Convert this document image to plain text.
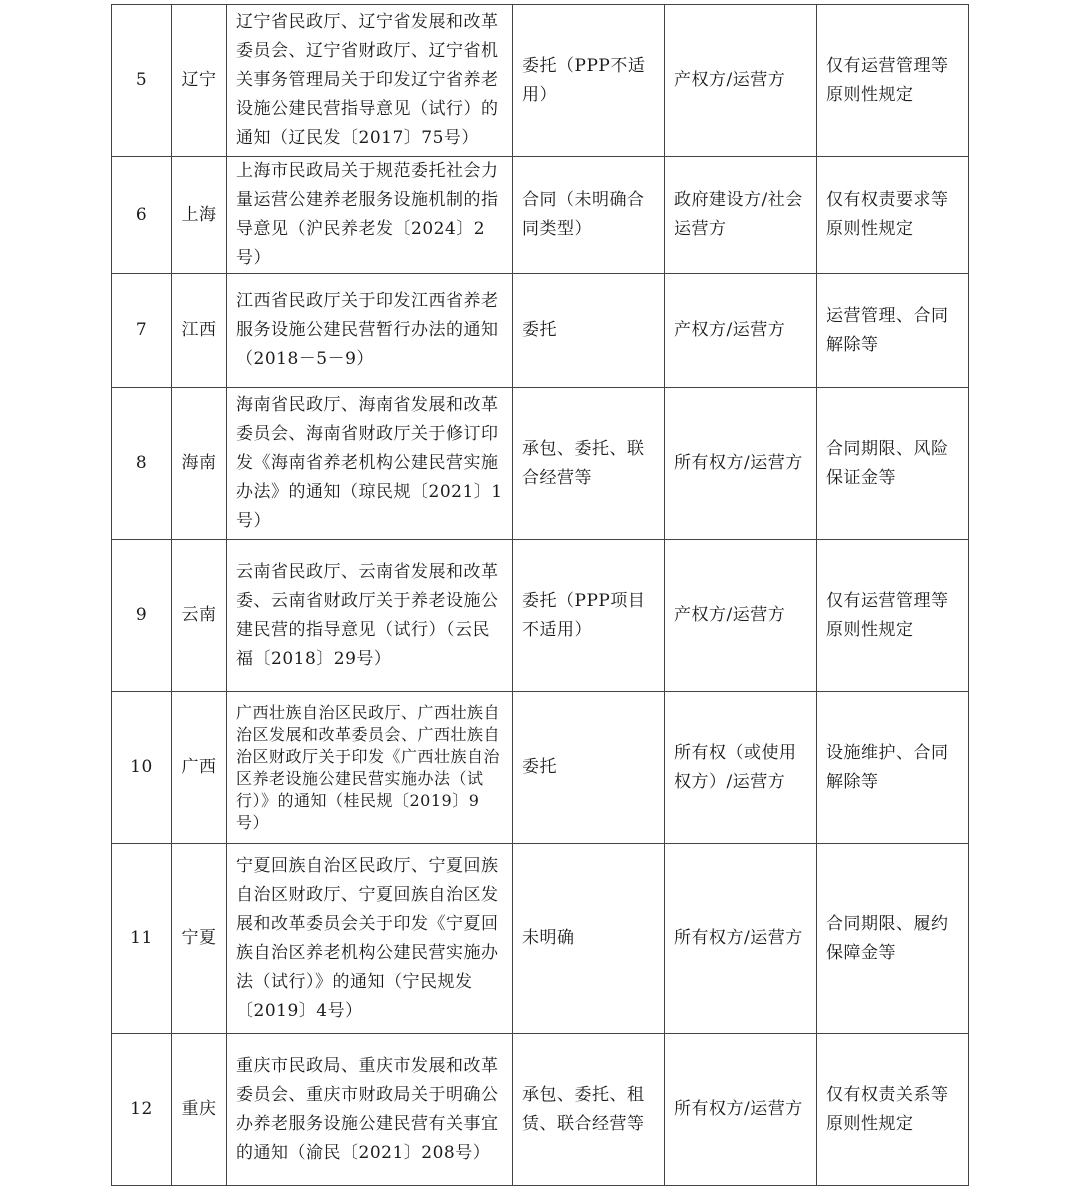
5	辽宁	辽宁省民政厅、辽宁省发展和改革委员会、辽宁省财政厅、辽宁省机关事务管理局关于印发辽宁省养老设施公建民营指导意见（试行）的通知（辽民发〔2017〕75号）	委托（PPP不适用）	产权方/运营方	仅有运营管理等原则性规定
6	上海	上海市民政局关于规范委托社会力量运营公建养老服务设施机制的指导意见（沪民养老发〔2024〕2号）	合同（未明确合同类型）	政府建设方/社会运营方	仅有权责要求等原则性规定
7	江西	江西省民政厅关于印发江西省养老服务设施公建民营暂行办法的通知（2018－5－9）	委托	产权方/运营方	运营管理、合同解除等
8	海南	海南省民政厅、海南省发展和改革委员会、海南省财政厅关于修订印发《海南省养老机构公建民营实施办法》的通知（琼民规〔2021〕1号）	承包、委托、联合经营等	所有权方/运营方	合同期限、风险保证金等
9	云南	云南省民政厅、云南省发展和改革委、云南省财政厅关于养老设施公建民营的指导意见（试行）（云民福〔2018〕29号）	委托（PPP项目不适用）	产权方/运营方	仅有运营管理等原则性规定
10	广西	广西壮族自治区民政厅、广西壮族自治区发展和改革委员会、广西壮族自治区财政厅关于印发《广西壮族自治区养老设施公建民营实施办法（试行）》的通知（桂民规〔2019〕9号）	委托	所有权（或使用权方）/运营方	设施维护、合同解除等
11	宁夏	宁夏回族自治区民政厅、宁夏回族自治区财政厅、宁夏回族自治区发展和改革委员会关于印发《宁夏回族自治区养老机构公建民营实施办法（试行）》的通知（宁民规发〔2019〕4号）	未明确	所有权方/运营方	合同期限、履约保障金等
12	重庆	重庆市民政局、重庆市发展和改革委员会、重庆市财政局关于明确公办养老服务设施公建民营有关事宜的通知（渝民〔2021〕208号）	承包、委托、租赁、联合经营等	所有权方/运营方	仅有权责关系等原则性规定
